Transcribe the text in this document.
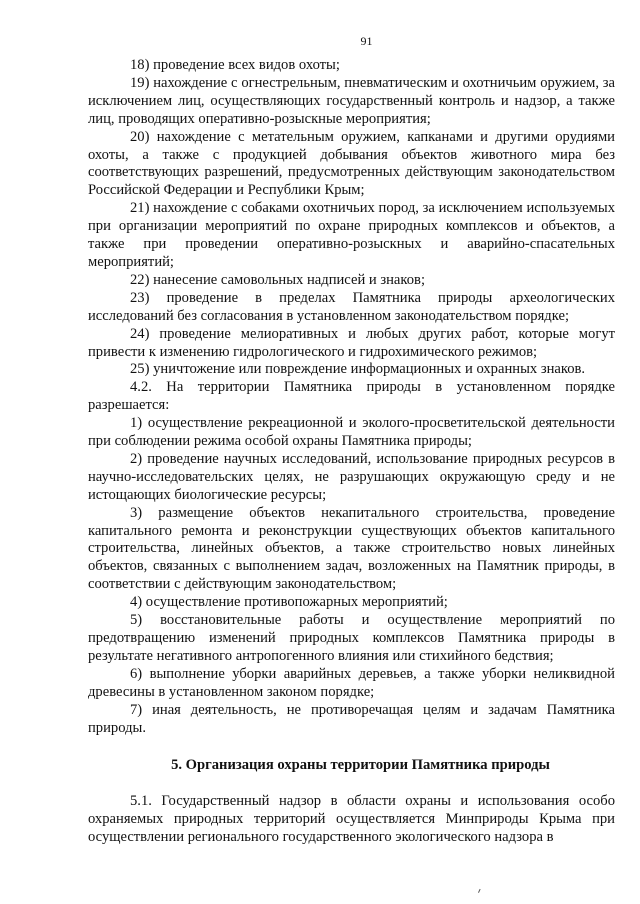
91

18) проведение всех видов охоты;

19) нахождение с огнестрельным, пневматическим и охотничьим оружием, за исключением лиц, осуществляющих государственный контроль и надзор, а также лиц, проводящих оперативно-розыскные мероприятия;

20) нахождение с метательным оружием, капканами и другими орудиями охоты, а также с продукцией добывания объектов животного мира без соответствующих разрешений, предусмотренных действующим законодательством Российской Федерации и Республики Крым;

21) нахождение с собаками охотничьих пород, за исключением используемых при организации мероприятий по охране природных комплексов и объектов, а также при проведении оперативно-розыскных и аварийно-спасательных мероприятий;

22) нанесение самовольных надписей и знаков;

23) проведение в пределах Памятника природы археологических исследований без согласования в установленном законодательством порядке;

24) проведение мелиоративных и любых других работ, которые могут привести к изменению гидрологического и гидрохимического режимов;

25) уничтожение или повреждение информационных и охранных знаков.

4.2. На территории Памятника природы в установленном порядке разрешается:

1) осуществление рекреационной и эколого-просветительской деятельности при соблюдении режима особой охраны Памятника природы;

2) проведение научных исследований, использование природных ресурсов в научно-исследовательских целях, не разрушающих окружающую среду и не истощающих биологические ресурсы;

3) размещение объектов некапитального строительства, проведение капитального ремонта и реконструкции существующих объектов капитального строительства, линейных объектов, а также строительство новых линейных объектов, связанных с выполнением задач, возложенных на Памятник природы, в соответствии с действующим законодательством;

4) осуществление противопожарных мероприятий;

5) восстановительные работы и осуществление мероприятий по предотвращению изменений природных комплексов Памятника природы в результате негативного антропогенного влияния или стихийного бедствия;

6) выполнение уборки аварийных деревьев, а также уборки неликвидной древесины в установленном законом порядке;

7) иная деятельность, не противоречащая целям и задачам Памятника природы.

5. Организация охраны территории Памятника природы

5.1. Государственный надзор в области охраны и использования особо охраняемых природных территорий осуществляется Минприроды Крыма при осуществлении регионального государственного экологического надзора в
